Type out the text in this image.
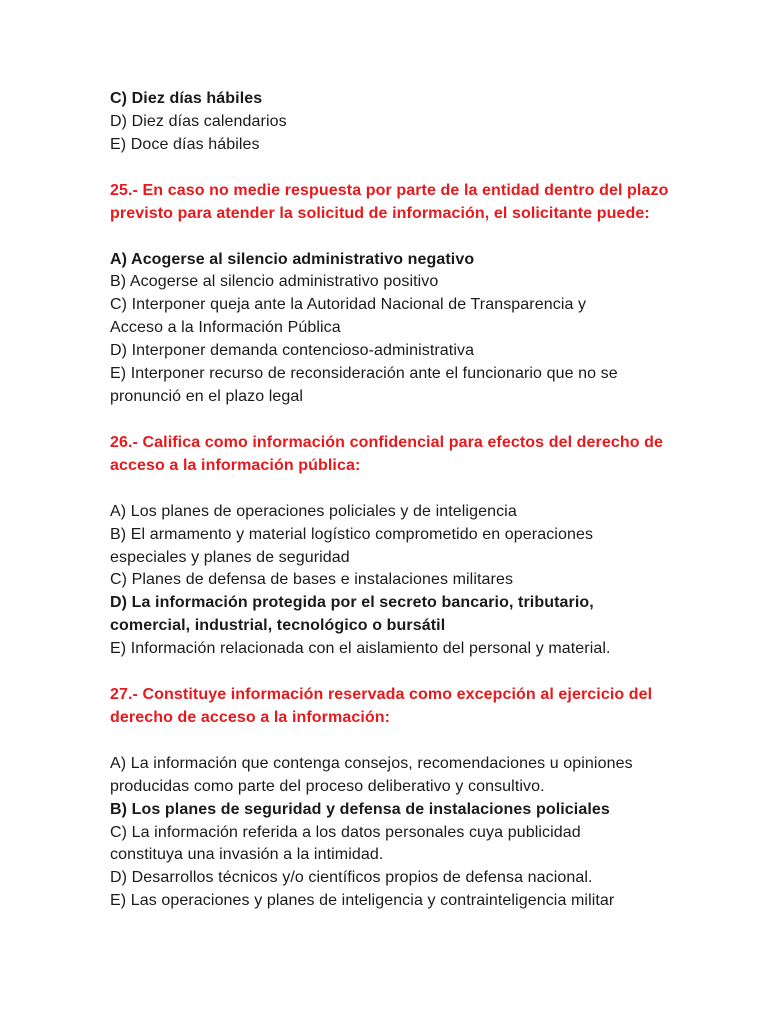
C) Diez días hábiles
D) Diez días calendarios
E) Doce días hábiles
25.- En caso no medie respuesta por parte de la entidad dentro del plazo
previsto para atender la solicitud de información, el solicitante puede:
A) Acogerse al silencio administrativo negativo
B) Acogerse al silencio administrativo positivo
C) Interponer queja ante la Autoridad Nacional de Transparencia y
Acceso a la Información Pública
D) Interponer demanda contencioso-administrativa
E) Interponer recurso de reconsideración ante el funcionario que no se
pronunció en el plazo legal
26.- Califica como información confidencial para efectos del derecho de
acceso a la información pública:
A) Los planes de operaciones policiales y de inteligencia
B) El armamento y material logístico comprometido en operaciones
especiales y planes de seguridad
C) Planes de defensa de bases e instalaciones militares
D) La información protegida por el secreto bancario, tributario,
comercial, industrial, tecnológico o bursátil
E) Información relacionada con el aislamiento del personal y material.
27.- Constituye información reservada como excepción al ejercicio del
derecho de acceso a la información:
A) La información que contenga consejos, recomendaciones u opiniones
producidas como parte del proceso deliberativo y consultivo.
B) Los planes de seguridad y defensa de instalaciones policiales
C) La información referida a los datos personales cuya publicidad
constituya una invasión a la intimidad.
D) Desarrollos técnicos y/o científicos propios de defensa nacional.
E) Las operaciones y planes de inteligencia y contrainteligencia militar
